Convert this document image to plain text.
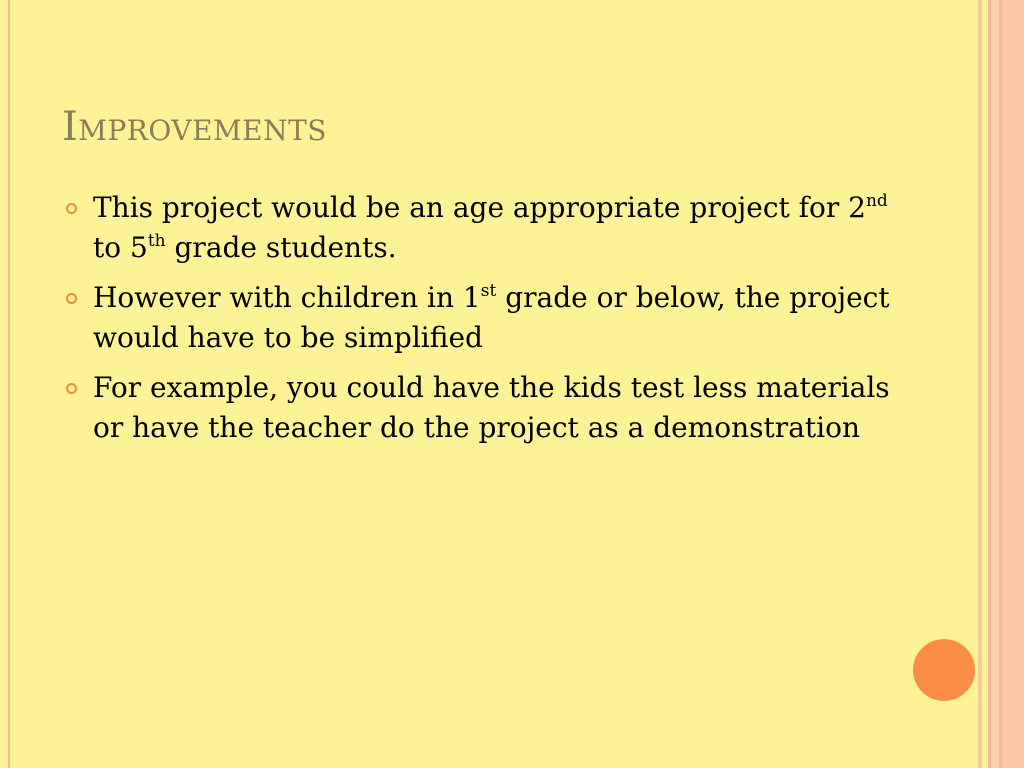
Improvements
This project would be an age appropriate project for 2nd to 5th grade students.
However with children in 1st grade or below, the project would have to be simplified
For example, you could have the kids test less materials or have the teacher do the project as a demonstration
